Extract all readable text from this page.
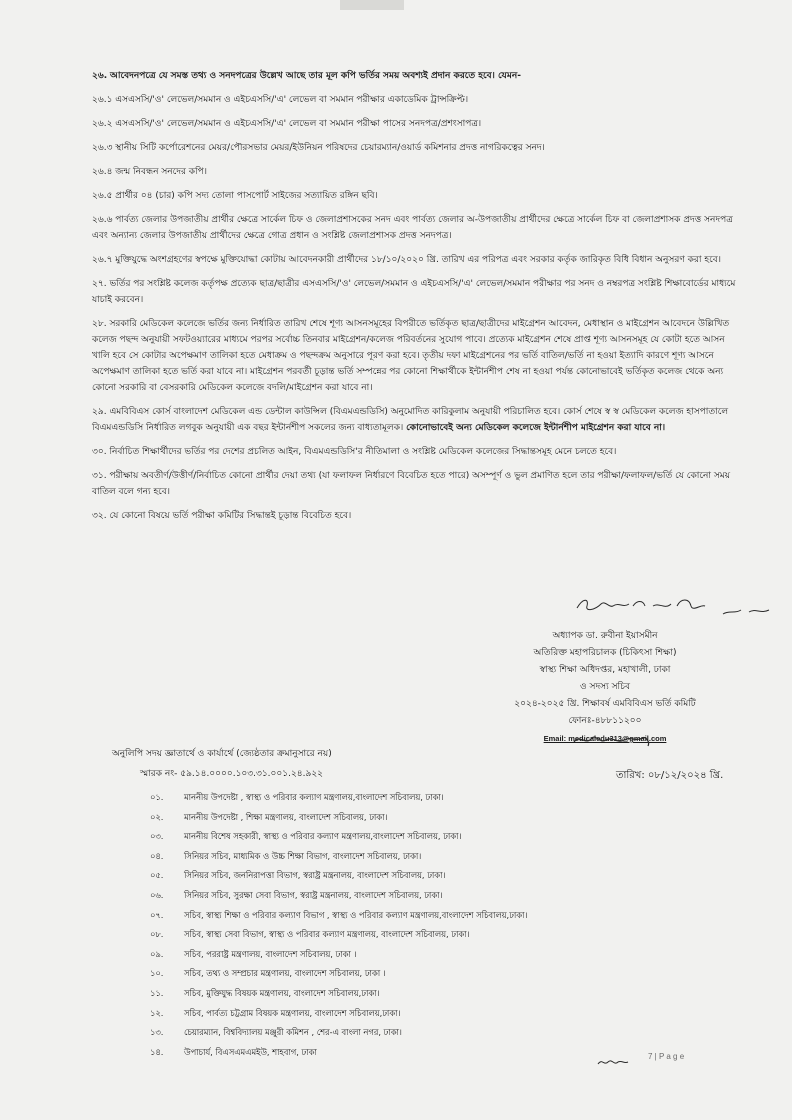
২৬. আবেদনপত্রে যে সমস্ত তথ্য ও সনদপত্রের উল্লেখ আছে তার মূল কপি ভর্তির সময় অবশ্যই প্রদান করতে হবে। যেমন-

২৬.১ এসএসসি/'ও' লেভেল/সমমান ও এইচএসসি/'এ' লেভেল বা সমমান পরীক্ষার একাডেমিক ট্রান্সক্রিপ্ট।

২৬.২ এসএসসি/'ও' লেভেল/সমমান ও এইচএসসি/'এ' লেভেল বা সমমান পরীক্ষা পাসের সনদপত্র/প্রশংসাপত্র।

২৬.৩ স্থানীয় সিটি কর্পোরেশনের মেয়র/পৌরসভার মেয়র/ইউনিয়ন পরিষদের চেয়ারম্যান/ওয়ার্ড কমিশনার প্রদত্ত নাগরিকত্বের সনদ।

২৬.৪ জন্ম নিবন্ধন সনদের কপি।

২৬.৫ প্রার্থীর ০৪ (চার) কপি সদ্য তোলা পাসপোর্ট সাইজের সত্যায়িত রঙ্গিন ছবি।

২৬.৬ পার্বত্য জেলার উপজাতীয় প্রার্থীর ক্ষেত্রে সার্কেল চিফ ও জেলাপ্রশাসকের সনদ এবং পার্বত্য জেলার অ-উপজাতীয় প্রার্থীদের ক্ষেত্রে সার্কেল চিফ বা জেলাপ্রশাসক প্রদত্ত সনদপত্র এবং অন্যান্য জেলার উপজাতীয় প্রার্থীদের ক্ষেত্রে গোত্র প্রধান ও সংশ্লিষ্ট জেলাপ্রশাসক প্রদত্ত সনদপত্র।

২৬.৭ মুক্তিযুদ্ধে অংশগ্রহণের স্বপক্ষে মুক্তিযোদ্ধা কোটায় আবেদনকারী প্রার্থীদের ১৮/১০/২০২০ খ্রি. তারিখ এর পরিপত্র এবং সরকার কর্তৃক জারিকৃত বিধি বিধান অনুসরণ করা হবে।

২৭. ভর্তির পর সংশ্লিষ্ট কলেজ কর্তৃপক্ষ প্রত্যেক ছাত্র/ছাত্রীর এসএসসি/'ও' লেভেল/সমমান ও এইচএসসি/'এ' লেভেল/সমমান পরীক্ষার পর সনদ ও নম্বরপত্র সংশ্লিষ্ট শিক্ষাবোর্ডের মাধ্যমে যাচাই করবেন।

২৮. সরকারি মেডিকেল কলেজে ভর্তির জন্য নির্ধারিত তারিখ শেষে শূণ্য আসনসমূহের বিপরীতে ভর্তিকৃত ছাত্র/ছাত্রীদের মাইগ্রেশন আবেদন, মেধাস্থান ও মাইগ্রেশন আবেদনে উল্লিখিত কলেজ পছন্দ অনুযায়ী সফটওয়্যারের মাধ্যমে পরপর সর্বোচ্চ তিনবার মাইগ্রেশন/কলেজ পরিবর্তনের সুযোগ পাবে। প্রত্যেক মাইগ্রেশন শেষে প্রাপ্ত শূণ্য আসনসমূহ যে কোটা হতে আসন খালি হবে সে কোটার অপেক্ষমাণ তালিকা হতে মেধাক্রম ও পছন্দক্রম অনুসারে পূরণ করা হবে। তৃতীয় দফা মাইগ্রেশনের পর ভর্তি বাতিল/ভর্তি না হওয়া ইত্যাদি কারণে শূণ্য আসনে অপেক্ষমাণ তালিকা হতে ভর্তি করা যাবে না। মাইগ্রেশন পরবর্তী চূড়ান্ত ভর্তি সম্পন্নের পর কোনো শিক্ষার্থীকে ইন্টার্নশীপ শেষ না হওয়া পর্যন্ত কোনোভাবেই ভর্তিকৃত কলেজ থেকে অন্য কোনো সরকারি বা বেসরকারি মেডিকেল কলেজে বদলি/মাইগ্রেশন করা যাবে না।

২৯. এমবিবিএস কোর্স বাংলাদেশ মেডিকেল এন্ড ডেন্টাল কাউন্সিল (বিএমএন্ডডিসি) অনুমোদিত কারিকুলাম অনুযায়ী পরিচালিত হবে। কোর্স শেষে স্ব স্ব মেডিকেল কলেজ হাসপাতালে বিএমএন্ডডিসি নির্ধারিত লগবুক অনুযায়ী এক বছর ইন্টার্নশীপ সকলের জন্য বাধ্যতামূলক। কোনোভাবেই অন্য মেডিকেল কলেজে ইন্টার্নশীপ মাইগ্রেশন করা যাবে না।

৩০. নির্বাচিত শিক্ষার্থীদের ভর্তির পর দেশের প্রচলিত আইন, বিএমএন্ডডিসি'র নীতিমালা ও সংশ্লিষ্ট মেডিকেল কলেজের সিদ্ধান্তসমূহ মেনে চলতে হবে।

৩১. পরীক্ষায় অবতীর্ণ/উত্তীর্ণ/নির্বাচিত কোনো প্রার্থীর দেয়া তথ্য (যা ফলাফল নির্ধারণে বিবেচিত হতে পারে) অসম্পূর্ণ ও ভুল প্রমাণিত হলে তার পরীক্ষা/ফলাফল/ভর্তি যে কোনো সময় বাতিল বলে গন্য হবে।

৩২. যে কোনো বিষয়ে ভর্তি পরীক্ষা কমিটির সিদ্ধান্তই চূড়ান্ত বিবেচিত হবে।

অধ্যাপক ডা. রুবীনা ইয়াসমীন
অতিরিক্ত মহাপরিচালক (চিকিৎসা শিক্ষা)
স্বাস্থ্য শিক্ষা অধিদপ্তর, মহাখালী, ঢাকা
ও সদস্য সচিব
২০২৪-২০২৫ খ্রি. শিক্ষাবর্ষ এমবিবিএস ভর্তি কমিটি
ফোনঃ-৪৮৮১১২০০
Email: medicaledu313@gmail.com
অনুলিপি সদয় জ্ঞাতার্থে ও কার্যার্থে (জ্যেষ্ঠতার ক্রমানুসারে নয়)
স্মারক নং- ৫৯.১৪.০০০০.১০৩.৩১.০০১.২৪.৯২২	তারিখ: ০৮/১২/২০২৪ খ্রি.
০১. মাননীয় উপদেষ্টা , স্বাস্থ্য ও পরিবার কল্যাণ মন্ত্রণালয়,বাংলাদেশ সচিবালয়, ঢাকা।
০২. মাননীয় উপদেষ্টা , শিক্ষা মন্ত্রণালয়, বাংলাদেশ সচিবালয়, ঢাকা।
০৩. মাননীয় বিশেষ সহকারী, স্বাস্থ্য ও পরিবার কল্যাণ মন্ত্রণালয়,বাংলাদেশ সচিবালয়, ঢাকা।
০৪. সিনিয়র সচিব, মাধ্যমিক ও উচ্চ শিক্ষা বিভাগ, বাংলাদেশ সচিবালয়, ঢাকা।
০৫. সিনিয়র সচিব, জননিরাপত্তা বিভাগ, স্বরাষ্ট্র মন্ত্রনালয়, বাংলাদেশ সচিবালয়, ঢাকা।
০৬. সিনিয়র সচিব, সুরক্ষা সেবা বিভাগ, স্বরাষ্ট্র মন্ত্রনালয়, বাংলাদেশ সচিবালয়, ঢাকা।
০৭. সচিব, স্বাস্থ্য শিক্ষা ও পরিবার কল্যাণ বিভাগ , স্বাস্থ্য ও পরিবার কল্যাণ মন্ত্রণালয়,বাংলাদেশ সচিবালয়,ঢাকা।
০৮. সচিব, স্বাস্থ্য সেবা বিভাগ, স্বাস্থ্য ও পরিবার কল্যাণ মন্ত্রণালয়, বাংলাদেশ সচিবালয়, ঢাকা।
০৯. সচিব, পররাষ্ট্র মন্ত্রণালয়, বাংলাদেশ সচিবালয়, ঢাকা ।
১০. সচিব, তথ্য ও সম্প্রচার মন্ত্রণালয়, বাংলাদেশ সচিবালয়, ঢাকা ।
১১. সচিব, মুক্তিযুদ্ধ বিষয়ক মন্ত্রণালয়, বাংলাদেশ সচিবালয়,ঢাকা।
১২. সচিব, পার্বত্য চট্টগ্রাম বিষয়ক মন্ত্রণালয়, বাংলাদেশ সচিবালয়,ঢাকা।
১৩. চেয়ারম্যান, বিশ্ববিদ্যালয় মঞ্জুরী কমিশন , শের-এ বাংলা নগর, ঢাকা।
১৪. উপাচার্য, বিএসএমএমইউ, শাহবাগ, ঢাকা	7 | P a g e
